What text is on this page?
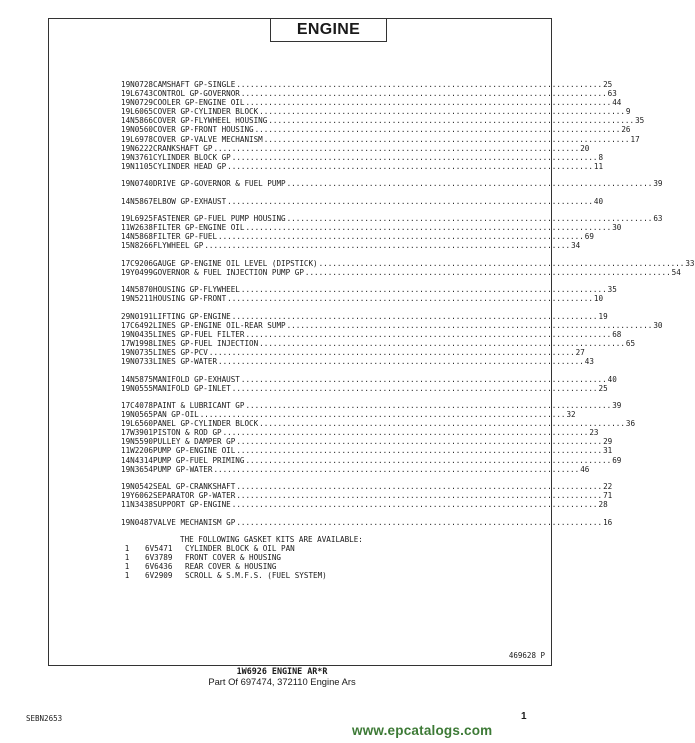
ENGINE
1 9N0728 CAMSHAFT GP-SINGLE................................................................................ 25
1 9L6743 CONTROL GP-GOVERNOR................................................................................ 63
1 9N0729 COOLER GP-ENGINE OIL................................................................................ 44
1 9L6065 COVER GP-CYLINDER BLOCK................................................................................ 9
1 4N5866 COVER GP-FLYWHEEL HOUSING................................................................................ 35
1 9N0560 COVER GP-FRONT HOUSING................................................................................ 26
1 9L6978 COVER GP-VALVE MECHANISM................................................................................ 17
1 9N6222 CRANKSHAFT GP................................................................................ 20
1 9N3761 CYLINDER BLOCK GP................................................................................ 8
1 9N1105 CYLINDER HEAD GP................................................................................ 11
1 9N0740 DRIVE GP-GOVERNOR & FUEL PUMP................................................................................ 39
1 4N5867 ELBOW GP-EXHAUST................................................................................ 40
1 9L6925 FASTENER GP-FUEL PUMP HOUSING................................................................................ 63
1 1W2638 FILTER GP-ENGINE OIL................................................................................ 30
1 4N5868 FILTER GP-FUEL................................................................................ 69
1 5N8266 FLYWHEEL GP................................................................................ 34
1 7C9206 GAUGE GP-ENGINE OIL LEVEL (DIPSTICK)................................................................................ 33
1 9Y0499 GOVERNOR & FUEL INJECTION PUMP GP................................................................................ 54
1 4N5870 HOUSING GP-FLYWHEEL................................................................................ 35
1 9N5211 HOUSING GP-FRONT................................................................................ 10
2 9N0191 LIFTING GP-ENGINE................................................................................ 19
1 7C6492 LINES GP-ENGINE OIL-REAR SUMP................................................................................ 30
1 9N0435 LINES GP-FUEL FILTER................................................................................ 68
1 7W1998 LINES GP-FUEL INJECTION................................................................................ 65
1 9N0735 LINES GP-PCV................................................................................ 27
1 9N0733 LINES GP-WATER................................................................................ 43
1 4N5875 MANIFOLD GP-EXHAUST................................................................................ 40
1 9N0555 MANIFOLD GP-INLET................................................................................ 25
1 7C4078 PAINT & LUBRICANT GP................................................................................ 39
1 9N0565 PAN GP-OIL................................................................................ 32
1 9L6560 PANEL GP-CYLINDER BLOCK................................................................................ 36
1 7W3901 PISTON & ROD GP................................................................................ 23
1 9N5590 PULLEY & DAMPER GP................................................................................ 29
1 1W2206 PUMP GP-ENGINE OIL................................................................................ 31
1 4N4314 PUMP GP-FUEL PRIMING................................................................................ 69
1 9N3654 PUMP GP-WATER................................................................................ 46
1 9N0542 SEAL GP-CRANKSHAFT................................................................................ 22
1 9Y6062 SEPARATOR GP-WATER................................................................................ 71
1 1N3438 SUPPORT GP-ENGINE................................................................................ 28
1 9N0487 VALVE MECHANISM GP................................................................................ 16
THE FOLLOWING GASKET KITS ARE AVAILABLE:
1	6V5471	CYLINDER BLOCK & OIL PAN
1	6V3789	FRONT COVER & HOUSING
1	6V6436	REAR COVER & HOUSING
1	6V2909	SCROLL & S.M.F.S. (FUEL SYSTEM)
469628 P
1W6926 ENGINE AR*R
Part Of 697474, 372110 Engine Ars
SEBN2653	1
www.epcatalogs.com
